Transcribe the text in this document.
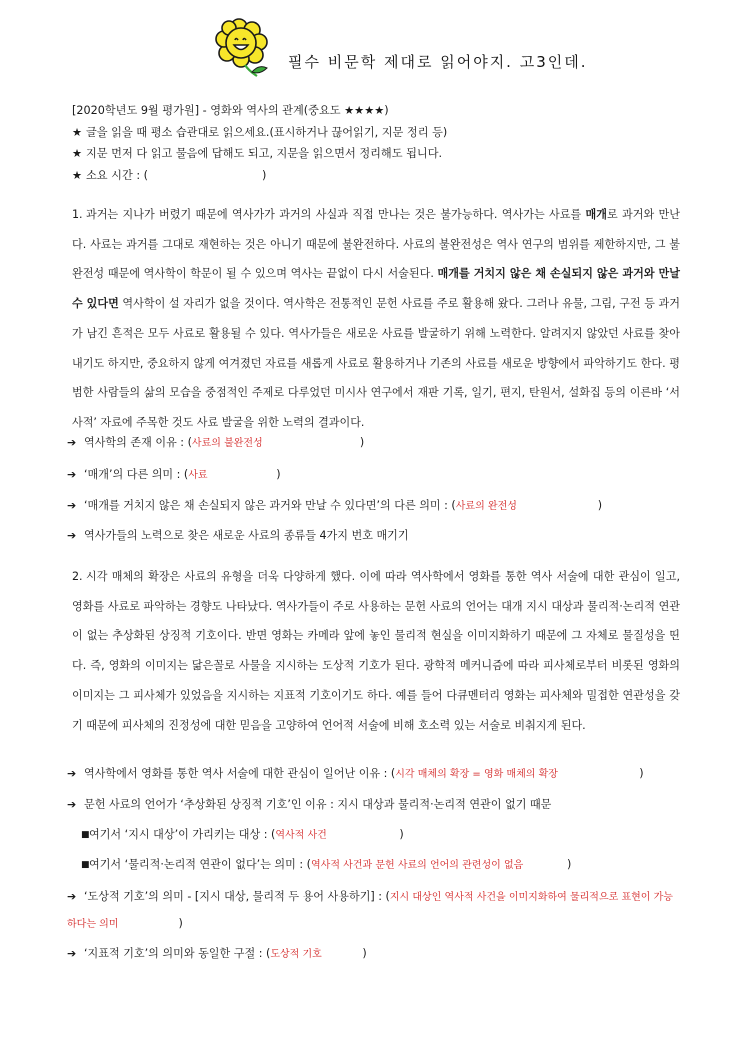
필수 비문학 제대로 읽어야지. 고3인데.
[2020학년도 9월 평가원] - 영화와 역사의 관계(중요도 ★★★★)
★ 글을 읽을 때 평소 습관대로 읽으세요.(표시하거나 끊어읽기, 지문 정리 등)
★ 지문 먼저 다 읽고 물음에 답해도 되고, 지문을 읽으면서 정리해도 됩니다.
★ 소요 시간 : (	)

1. 과거는 지나가 버렸기 때문에 역사가가 과거의 사실과 직접 만나는 것은 불가능하다. 역사가는 사료를 매개로 과거와 만난다. 사료는 과거를 그대로 재현하는 것은 아니기 때문에 불완전하다. 사료의 불완전성은 역사 연구의 범위를 제한하지만, 그 불완전성 때문에 역사학이 학문이 될 수 있으며 역사는 끝없이 다시 서술된다. 매개를 거치지 않은 채 손실되지 않은 과거와 만날 수 있다면 역사학이 설 자리가 없을 것이다. 역사학은 전통적인 문헌 사료를 주로 활용해 왔다. 그러나 유물, 그림, 구전 등 과거가 남긴 흔적은 모두 사료로 활용될 수 있다. 역사가들은 새로운 사료를 발굴하기 위해 노력한다. 알려지지 않았던 사료를 찾아내기도 하지만, 중요하지 않게 여겨졌던 자료를 새롭게 사료로 활용하거나 기존의 사료를 새로운 방향에서 파악하기도 한다. 평범한 사람들의 삶의 모습을 중점적인 주제로 다루었던 미시사 연구에서 재판 기록, 일기, 편지, 탄원서, 설화집 등의 이른바 ‘서사적’ 자료에 주목한 것도 사료 발굴을 위한 노력의 결과이다.

➔ 역사학의 존재 이유 : (사료의 불완전성	)
➔ ‘매개’의 다른 의미 : (사료	)
➔ ‘매개를 거치지 않은 채 손실되지 않은 과거와 만날 수 있다면’의 다른 의미 : (사료의 완전성	)
➔ 역사가들의 노력으로 찾은 새로운 사료의 종류들 4가지 번호 매기기

2. 시각 매체의 확장은 사료의 유형을 더욱 다양하게 했다. 이에 따라 역사학에서 영화를 통한 역사 서술에 대한 관심이 일고, 영화를 사료로 파악하는 경향도 나타났다. 역사가들이 주로 사용하는 문헌 사료의 언어는 대개 지시 대상과 물리적·논리적 연관이 없는 추상화된 상징적 기호이다. 반면 영화는 카메라 앞에 놓인 물리적 현실을 이미지화하기 때문에 그 자체로 물질성을 띤다. 즉, 영화의 이미지는 닮은꼴로 사물을 지시하는 도상적 기호가 된다. 광학적 메커니즘에 따라 피사체로부터 비롯된 영화의 이미지는 그 피사체가 있었음을 지시하는 지표적 기호이기도 하다. 예를 들어 다큐멘터리 영화는 피사체와 밀접한 연관성을 갖기 때문에 피사체의 진정성에 대한 믿음을 고양하여 언어적 서술에 비해 호소력 있는 서술로 비춰지게 된다.

➔ 역사학에서 영화를 통한 역사 서술에 대한 관심이 일어난 이유 : (시각 매체의 확장 = 영화 매체의 확장	)
➔ 문헌 사료의 언어가 ‘추상화된 상징적 기호’인 이유 : 지시 대상과 물리적·논리적 연관이 없기 때문
■여기서 ‘지시 대상’이 가리키는 대상 : (역사적 사건	)
■여기서 ‘물리적·논리적 연관이 없다’는 의미 : (역사적 사건과 문헌 사료의 언어의 관련성이 없음	)
➔ ‘도상적 기호’의 의미 - [지시 대상, 물리적 두 용어 사용하기] : (지시 대상인 역사적 사건을 이미지화하여 물리적으로 표현이 가능하다는 의미	)
➔ ‘지표적 기호’의 의미와 동일한 구절 : (도상적 기호	)
